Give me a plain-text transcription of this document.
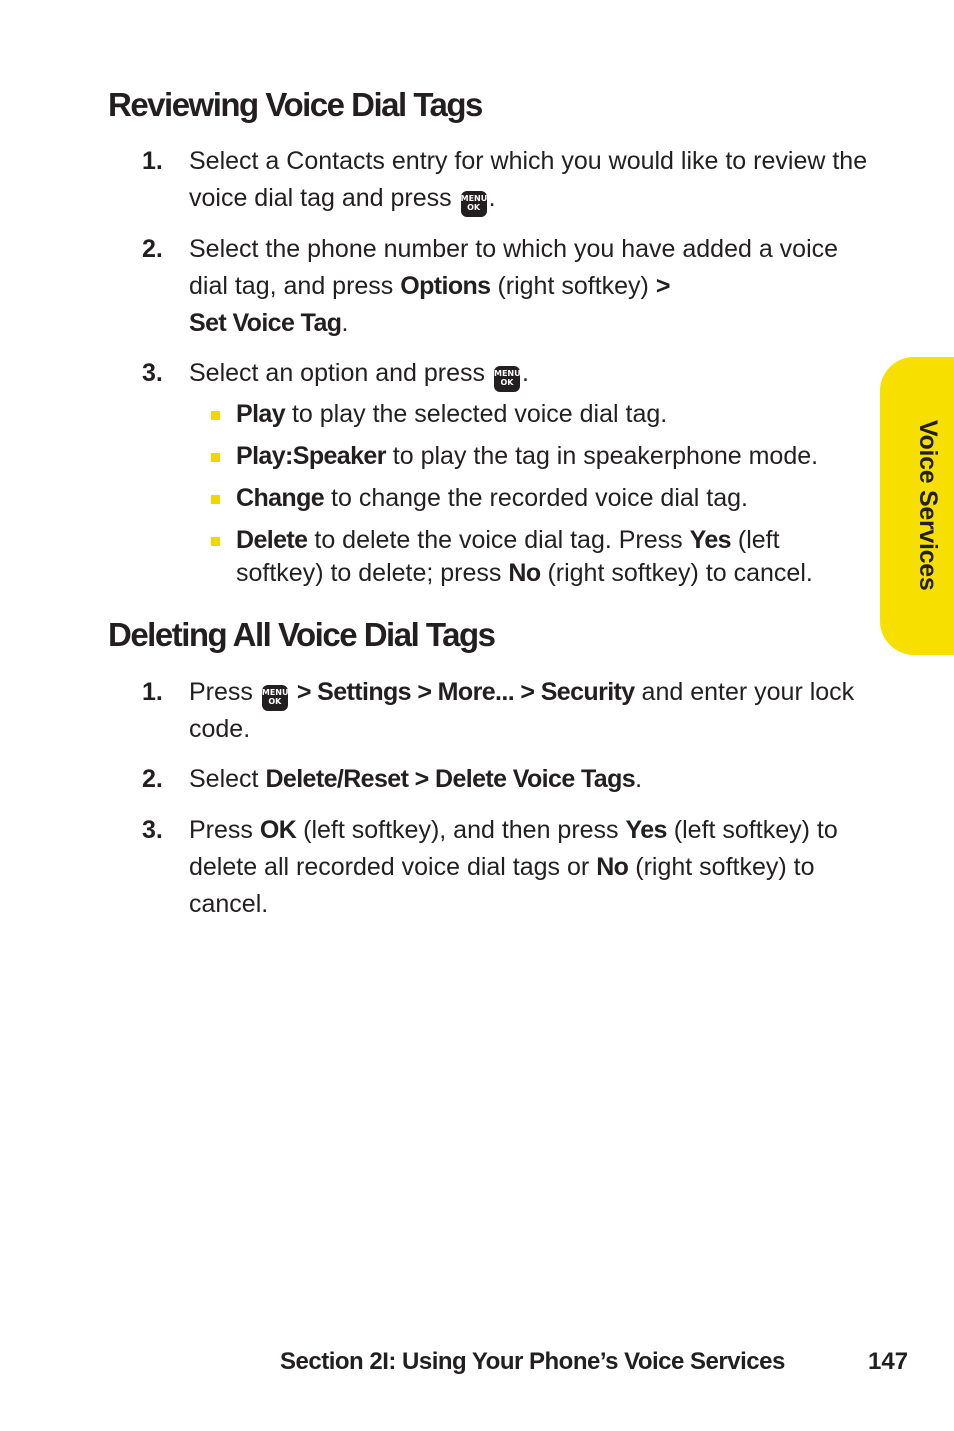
Reviewing Voice Dial Tags
1.	Select a Contacts entry for which you would like to review the voice dial tag and press MENU
OK .
2.	Select the phone number to which you have added a voice dial tag, and press Options (right softkey) >
Set Voice Tag.
3.	Select an option and press MENU
OK .
Play to play the selected voice dial tag.
Play:Speaker to play the tag in speakerphone mode.
Change to change the recorded voice dial tag.
Delete to delete the voice dial tag. Press Yes (left softkey) to delete; press No (right softkey) to cancel.
Deleting All Voice Dial Tags
1.	Press MENU
OK > Settings > More... > Security and enter your lock code.
2.	Select Delete/Reset > Delete Voice Tags.
3.	Press OK (left softkey), and then press Yes (left softkey) to delete all recorded voice dial tags or No (right softkey) to cancel.
Voice Services
Section 2I: Using Your Phone’s Voice Services	147
